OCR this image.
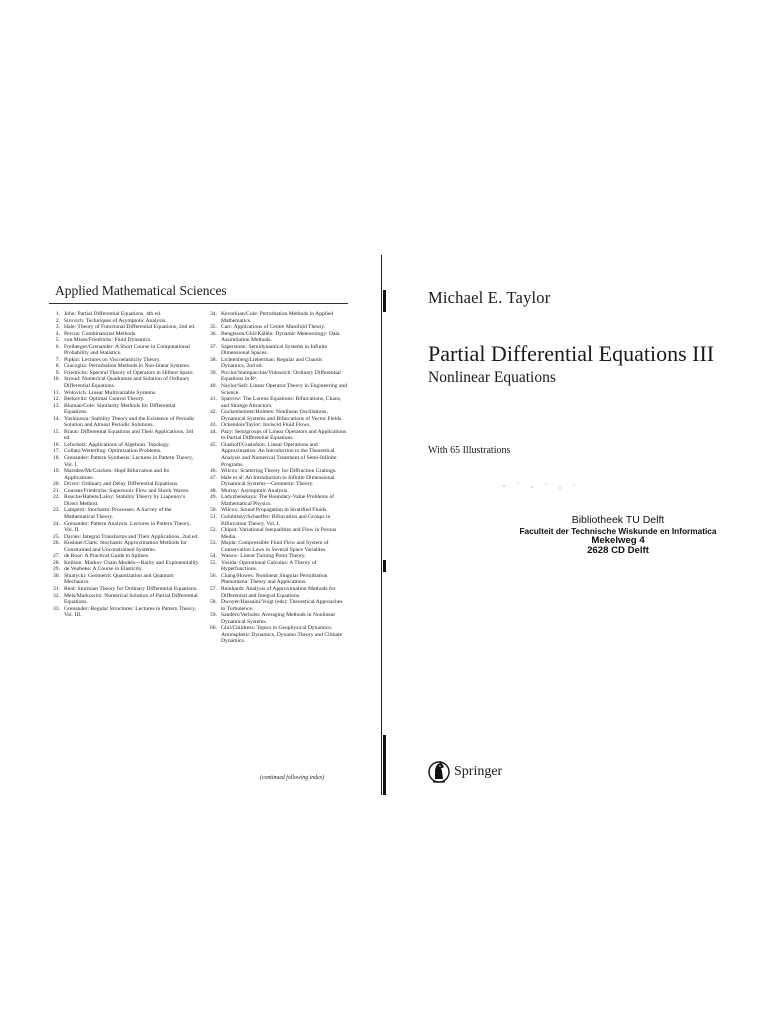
Applied Mathematical Sciences
1. John: Partial Differential Equations, 4th ed.
2. Sirovich: Techniques of Asymptotic Analysis.
3. Hale: Theory of Functional Differential Equations, 2nd ed.
4. Percus: Combinatorial Methods.
5. von Mises/Friedrichs: Fluid Dynamics.
6. Freiberger/Grenander: A Short Course in Computational Probability and Statistics.
7. Pipkin: Lectures on Viscoelasticity Theory.
8. Giacoglia: Perturbation Methods in Non-linear Systems.
9. Friedrichs: Spectral Theory of Operators in Hilbert Space.
10. Stroud: Numerical Quadrature and Solution of Ordinary Differential Equations.
11. Wolovich: Linear Multivariable Systems.
12. Berkovitz: Optimal Control Theory.
13. Bluman/Cole: Similarity Methods for Differential Equations.
14. Yoshizawa: Stability Theory and the Existence of Periodic Solution and Almost Periodic Solutions.
15. Braun: Differential Equations and Their Applications, 3rd ed.
16. Lefschetz: Applications of Algebraic Topology.
17. Collatz/Wetterling: Optimization Problems.
18. Grenander: Pattern Synthesis: Lectures in Pattern Theory, Vol. I.
19. Marsden/McCracken: Hopf Bifurcation and Its Applications.
20. Driver: Ordinary and Delay Differential Equations.
21. Courant/Friedrichs: Supersonic Flow and Shock Waves.
22. Rouche/Habets/Laloy: Stability Theory by Liapunov's Direct Method.
23. Lamperti: Stochastic Processes: A Survey of the Mathematical Theory.
24. Grenander: Pattern Analysis: Lectures in Pattern Theory, Vol. II.
25. Davies: Integral Transforms and Their Applications, 2nd ed.
26. Kushner/Clark: Stochastic Approximation Methods for Constrained and Unconstrained Systems.
27. de Boor: A Practical Guide to Splines.
28. Keilson: Markov Chain Models—Rarity and Exponentiality.
29. de Veubeke: A Course in Elasticity.
30. Shiatycki: Geometric Quantization and Quantum Mechanics.
31. Reid: Sturmian Theory for Ordinary Differential Equations.
32. Meis/Markowitz: Numerical Solution of Partial Differential Equations.
33. Grenander: Regular Structures: Lectures in Pattern Theory, Vol. III.
34. Kevorkian/Cole: Perturbation Methods in Applied Mathematics.
35. Carr: Applications of Centre Manifold Theory.
36. Bengtsson/Ghil/Källén: Dynamic Meteorology: Data Assimilation Methods.
37. Saperstone: Semidynamical Systems in Infinite Dimensional Spaces.
38. Lichtenberg/Lieberman: Regular and Chaotic Dynamics, 2nd ed.
39. Piccini/Stampacchia/Vidossich: Ordinary Differential Equations in Rⁿ.
40. Naylor/Sell: Linear Operator Theory in Engineering and Science.
41. Sparrow: The Lorenz Equations: Bifurcations, Chaos, and Strange Attractors.
42. Guckenheimer/Holmes: Nonlinear Oscillations, Dynamical Systems and Bifurcations of Vector Fields.
43. Ockendon/Taylor: Inviscid Fluid Flows.
44. Pazy: Semigroups of Linear Operators and Applications to Partial Differential Equations.
45. Glashoff/Gustafson: Linear Operations and Approximation: An Introduction to the Theoretical Analysis and Numerical Treatment of Semi-Infinite Programs.
46. Wilcox: Scattering Theory for Diffraction Gratings.
47. Hale et al: An Introduction to Infinite Dimensional Dynamical Systems—Geometric Theory.
48. Murray: Asymptotic Analysis.
49. Ladyzhenskaya: The Boundary-Value Problems of Mathematical Physics.
50. Wilcox: Sound Propagation in Stratified Fluids.
51. Golubitsky/Schaeffer: Bifurcation and Groups in Bifurcation Theory, Vol. I.
52. Chipot: Variational Inequalities and Flow in Porous Media.
53. Majda: Compressible Fluid Flow and System of Conservation Laws in Several Space Variables.
54. Wasow: Linear Turning Point Theory.
55. Yosida: Operational Calculus: A Theory of Hyperfunctions.
56. Chang/Howes: Nonlinear Singular Perturbation Phenomena: Theory and Applications.
57. Reinhardt: Analysis of Approximation Methods for Differential and Integral Equations.
58. Dwoyer/Hussaini/Voigt (eds): Theoretical Approaches to Turbulence.
59. Sanders/Verhulst: Averaging Methods in Nonlinear Dynamical Systems.
60. Ghil/Childress: Topics in Geophysical Dynamics: Atmospheric Dynamics, Dynamo Theory and Climate Dynamics.
(continued following index)
Michael E. Taylor
Partial Differential Equations III
Nonlinear Equations
With 65 Illustrations
Bibliotheek TU Delft
Faculteit der Technische Wiskunde en Informatica
Mekelweg 4
2628 CD Delft
Springer
